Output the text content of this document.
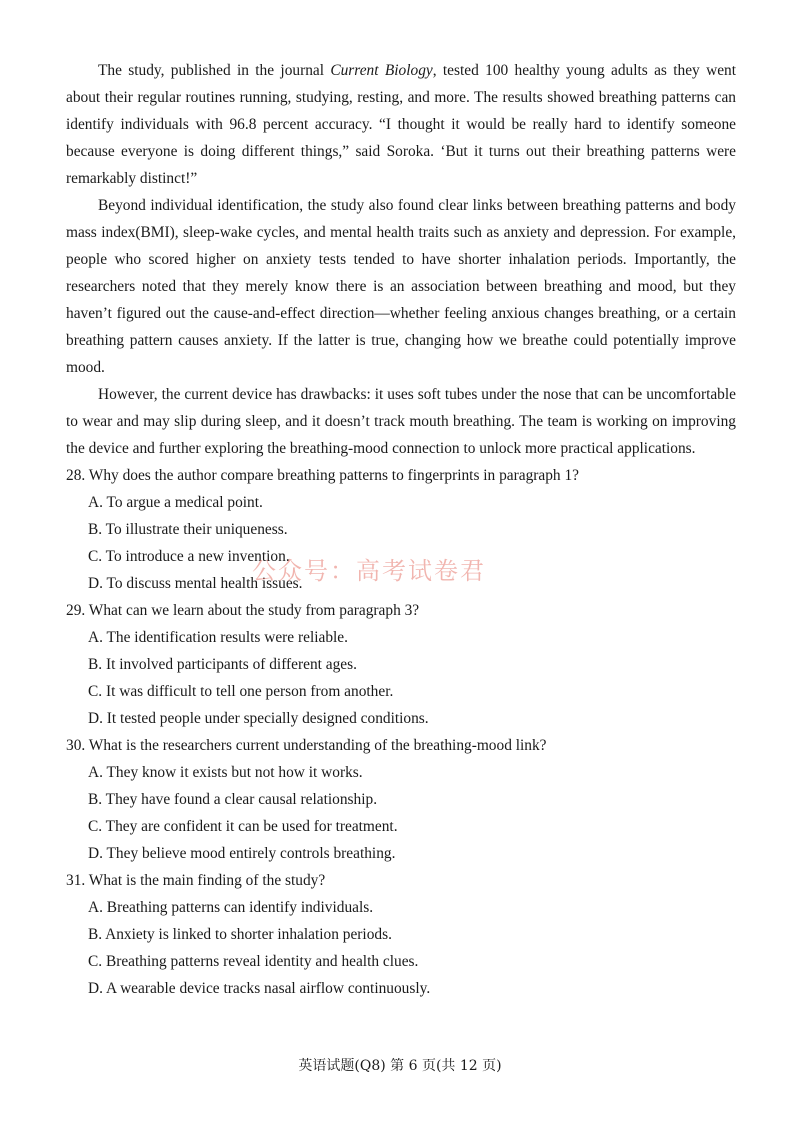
The study, published in the journal Current Biology, tested 100 healthy young adults as they went about their regular routines running, studying, resting, and more. The results showed breathing patterns can identify individuals with 96.8 percent accuracy. “I thought it would be really hard to identify someone because everyone is doing different things,” said Soroka. ‘But it turns out their breathing patterns were remarkably distinct!”

Beyond individual identification, the study also found clear links between breathing patterns and body mass index(BMI), sleep-wake cycles, and mental health traits such as anxiety and depression. For example, people who scored higher on anxiety tests tended to have shorter inhalation periods. Importantly, the researchers noted that they merely know there is an association between breathing and mood, but they haven’t figured out the cause-and-effect direction—whether feeling anxious changes breathing, or a certain breathing pattern causes anxiety. If the latter is true, changing how we breathe could potentially improve mood.

However, the current device has drawbacks: it uses soft tubes under the nose that can be uncomfortable to wear and may slip during sleep, and it doesn’t track mouth breathing. The team is working on improving the device and further exploring the breathing-mood connection to unlock more practical applications.

28. Why does the author compare breathing patterns to fingerprints in paragraph 1?

A. To argue a medical point.

B. To illustrate their uniqueness.

C. To introduce a new invention.

D. To discuss mental health issues.

29. What can we learn about the study from paragraph 3?

A. The identification results were reliable.

B. It involved participants of different ages.

C. It was difficult to tell one person from another.

D. It tested people under specially designed conditions.

30. What is the researchers current understanding of the breathing-mood link?

A. They know it exists but not how it works.

B. They have found a clear causal relationship.

C. They are confident it can be used for treatment.

D. They believe mood entirely controls breathing.

31. What is the main finding of the study?

A. Breathing patterns can identify individuals.

B. Anxiety is linked to shorter inhalation periods.

C. Breathing patterns reveal identity and health clues.

D. A wearable device tracks nasal airflow continuously.

公众号：高考试卷君
英语试题(Q8) 第 6 页(共 12 页)
